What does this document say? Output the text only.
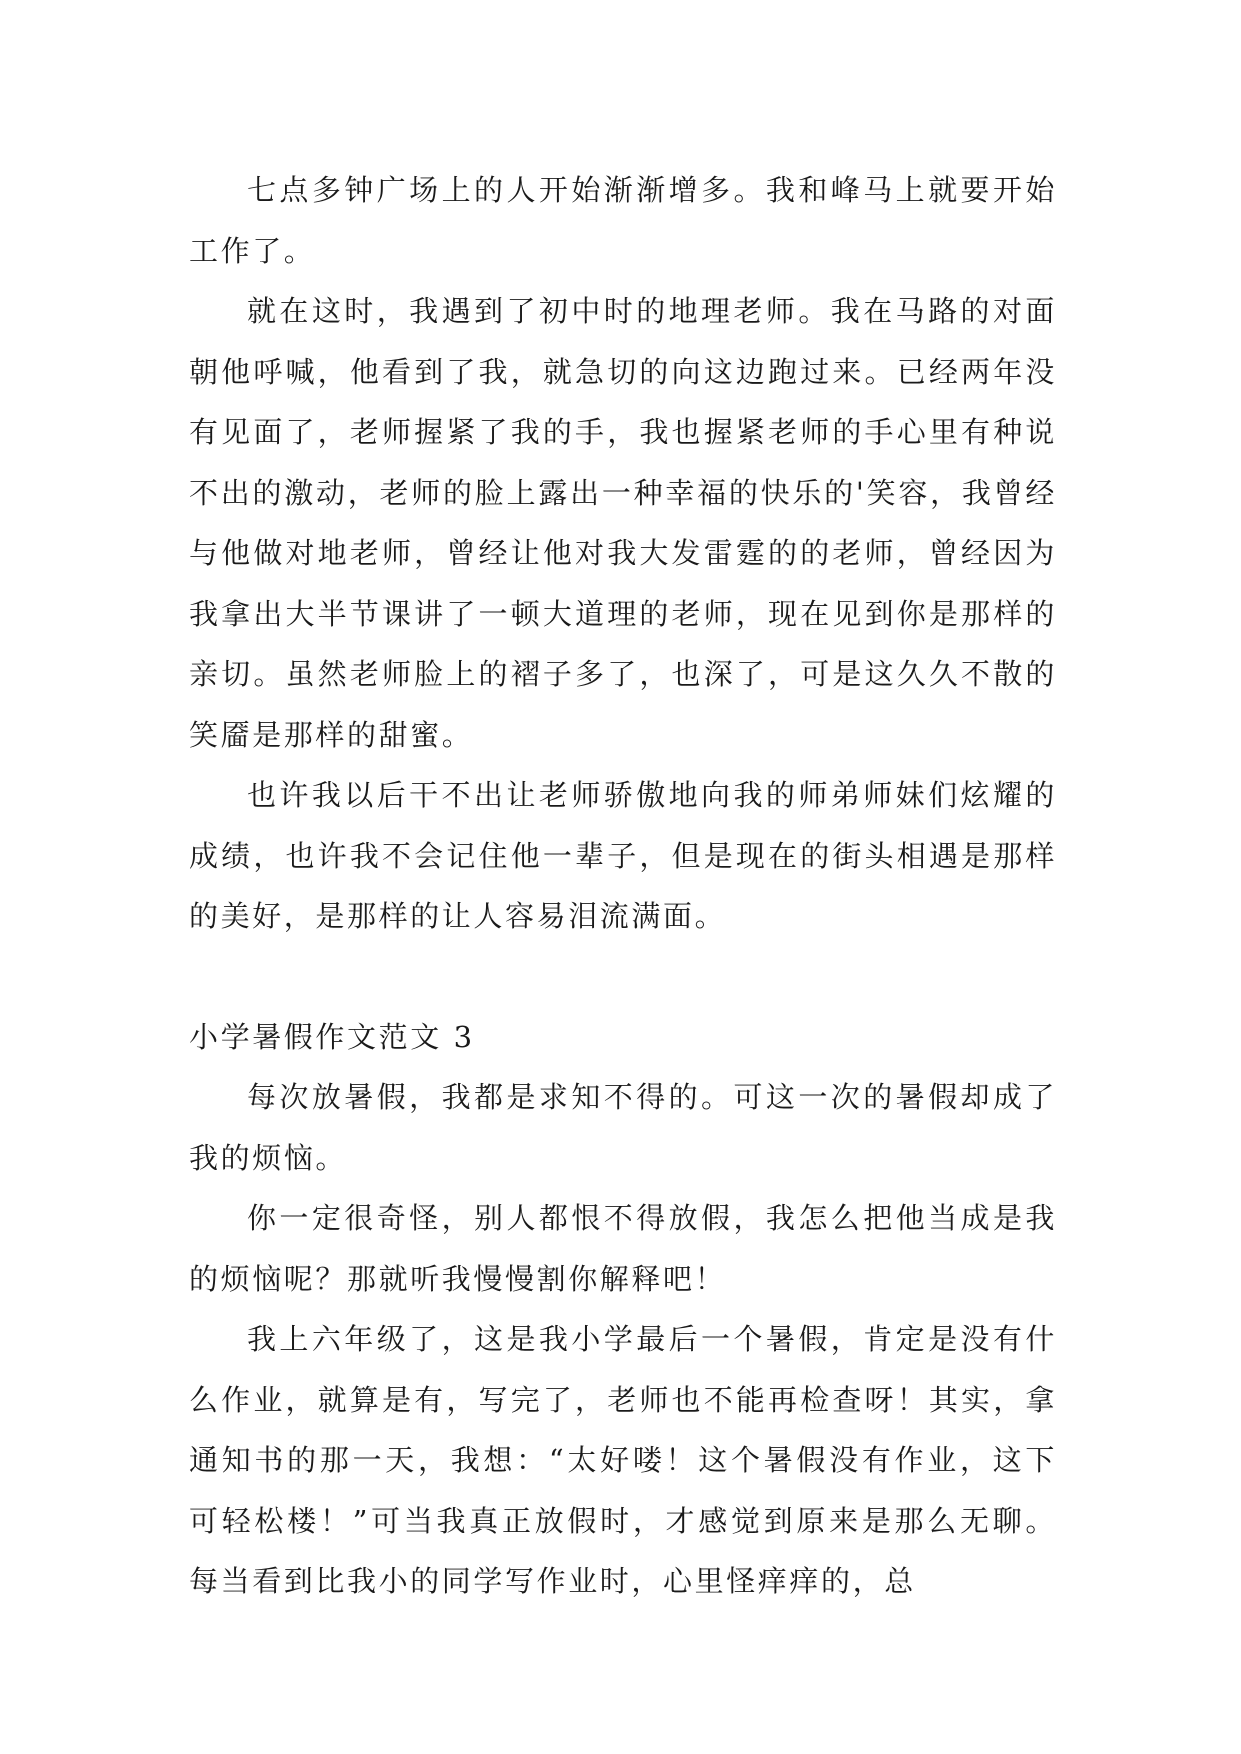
七点多钟广场上的人开始渐渐增多。我和峰马上就要开始工作了。

就在这时，我遇到了初中时的地理老师。我在马路的对面朝他呼喊，他看到了我，就急切的向这边跑过来。已经两年没有见面了，老师握紧了我的手，我也握紧老师的手心里有种说不出的激动，老师的脸上露出一种幸福的快乐的'笑容，我曾经与他做对地老师，曾经让他对我大发雷霆的的老师，曾经因为我拿出大半节课讲了一顿大道理的老师，现在见到你是那样的亲切。虽然老师脸上的褶子多了，也深了，可是这久久不散的笑靥是那样的甜蜜。

也许我以后干不出让老师骄傲地向我的师弟师妹们炫耀的成绩，也许我不会记住他一辈子，但是现在的街头相遇是那样的美好，是那样的让人容易泪流满面。

小学暑假作文范文 3

每次放暑假，我都是求知不得的。可这一次的暑假却成了我的烦恼。

你一定很奇怪，别人都恨不得放假，我怎么把他当成是我的烦恼呢？那就听我慢慢割你解释吧！

我上六年级了，这是我小学最后一个暑假，肯定是没有什么作业，就算是有，写完了，老师也不能再检查呀！其实，拿通知书的那一天，我想：“太好喽！这个暑假没有作业，这下可轻松楼！”可当我真正放假时，才感觉到原来是那么无聊。每当看到比我小的同学写作业时，心里怪痒痒的，总
